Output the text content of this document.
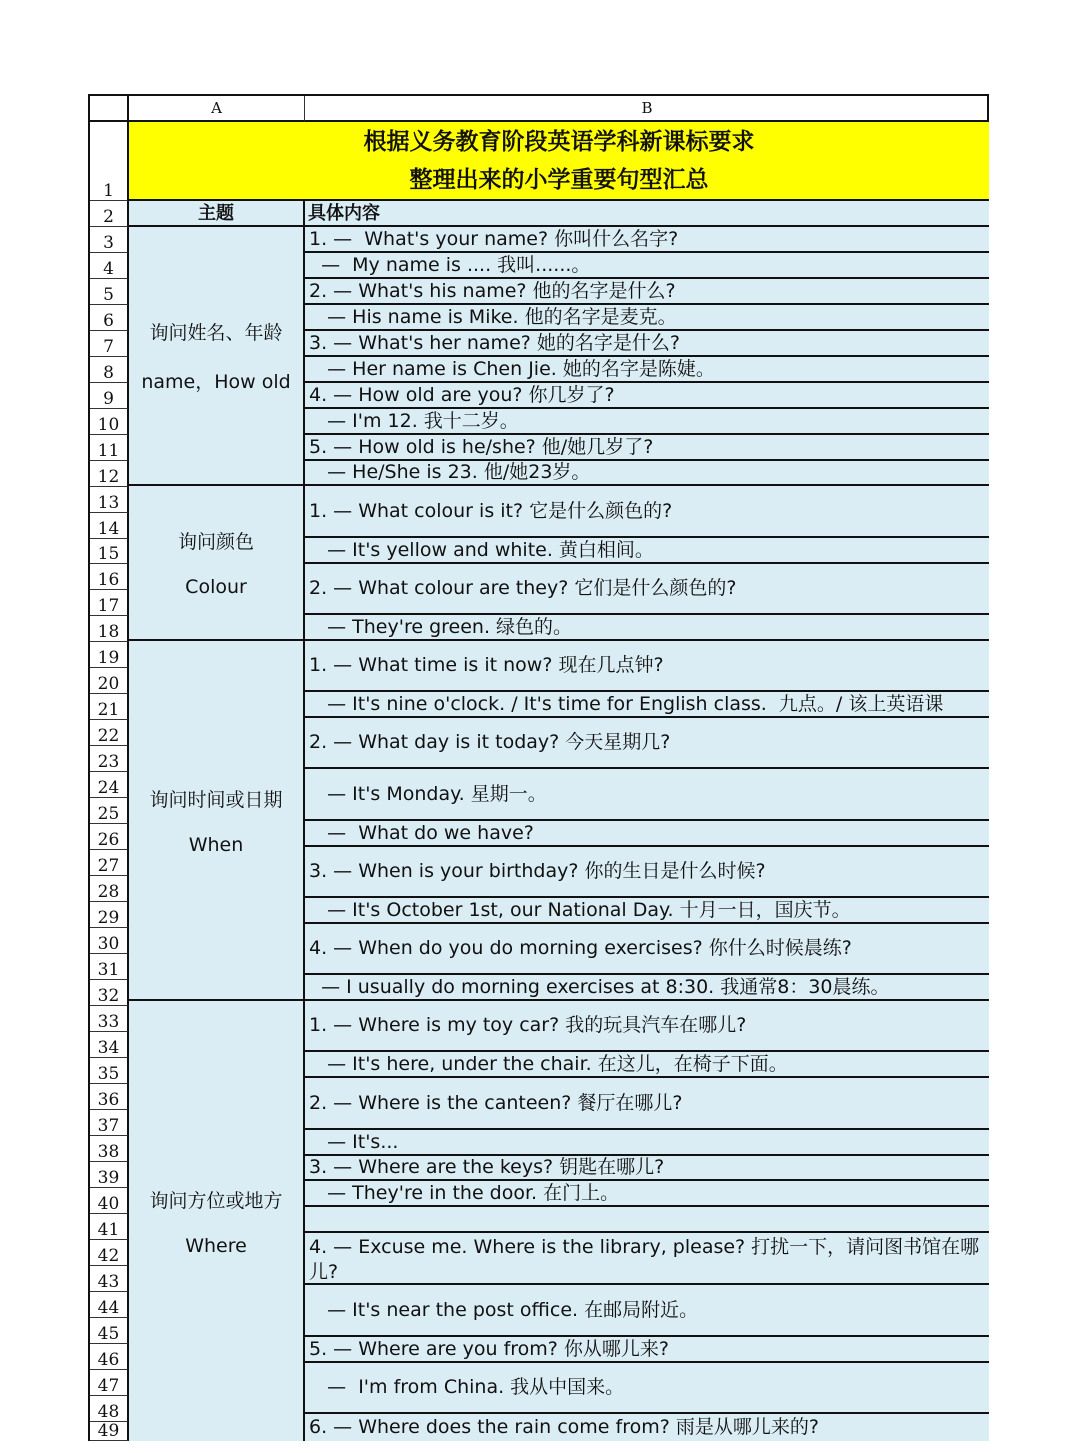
A	B
1
2
3
4
5
6
7
8
9
10
11
12
13
14
15
16
17
18
19
20
21
22
23
24
25
26
27
28
29
30
31
32
33
34
35
36
37
38
39
40
41
42
43
44
45
46
47
48
49
根据义务教育阶段英语学科新课标要求
整理出来的小学重要句型汇总
主题	具体内容
询问姓名、年龄
name，How old
询问颜色
Colour
询问时间或日期
When
询问方位或地方
Where
1. —  What's your name? 你叫什么名字?
—  My name is .... 我叫......。
2. — What's his name? 他的名字是什么?
— His name is Mike. 他的名字是麦克。
3. — What's her name? 她的名字是什么?
— Her name is Chen Jie. 她的名字是陈婕。
4. — How old are you? 你几岁了?
— I'm 12. 我十二岁。
5. — How old is he/she? 他/她几岁了?
— He/She is 23. 他/她23岁。
1. — What colour is it? 它是什么颜色的?
— It's yellow and white. 黄白相间。
2. — What colour are they? 它们是什么颜色的?
— They're green. 绿色的。
1. — What time is it now? 现在几点钟?
— It's nine o'clock. / It's time for English class.  九点。/ 该上英语课
2. — What day is it today? 今天星期几?
— It's Monday. 星期一。
—  What do we have?
3. — When is your birthday? 你的生日是什么时候?
— It's October 1st, our National Day. 十月一日，国庆节。
4. — When do you do morning exercises? 你什么时候晨练?
— I usually do morning exercises at 8:30. 我通常8：30晨练。
1. — Where is my toy car? 我的玩具汽车在哪儿?
— It's here, under the chair. 在这儿，在椅子下面。
2. — Where is the canteen? 餐厅在哪儿?
— It's...
3. — Where are the keys? 钥匙在哪儿?
— They're in the door. 在门上。
4. — Excuse me. Where is the library, please? 打扰一下，请问图书馆在哪儿?
— It's near the post office. 在邮局附近。
5. — Where are you from? 你从哪儿来?
—  I'm from China. 我从中国来。
6. — Where does the rain come from? 雨是从哪儿来的?
